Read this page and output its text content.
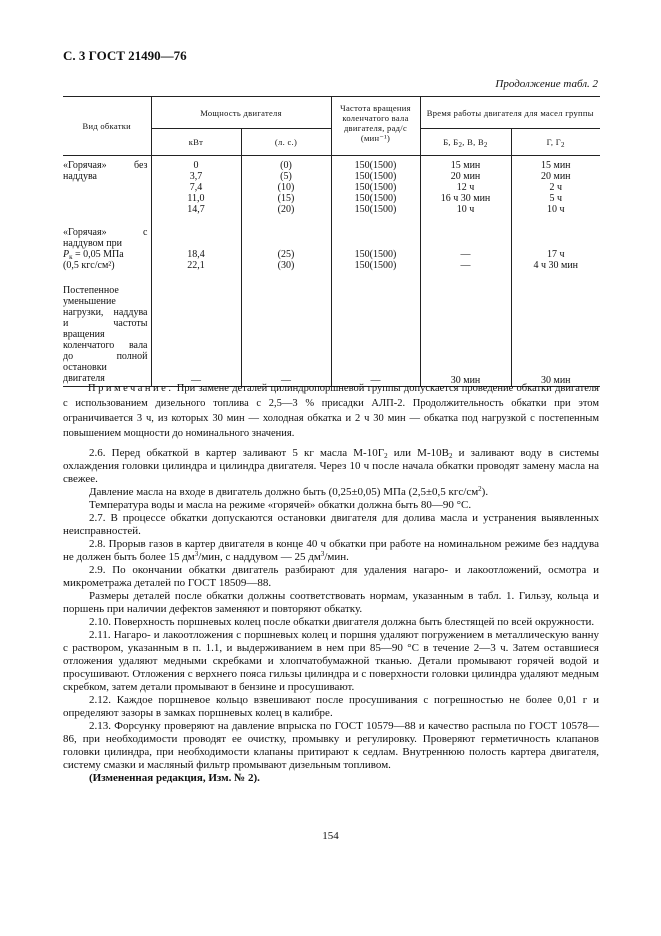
С. 3 ГОСТ 21490—76
Продолжение табл. 2
Вид обкатки	Мощность двигателя		Частота вращения коленчатого вала двигателя, рад/с (мин⁻¹)	Время работы двигателя для масел группы	
	кВт	(л. с.)		Б, $Б_2$, В, $В_2$	Г, $Г_2$

«Горячая» без наддува	0	(0)	150(1500)	15 мин	15 мин
	3,7	(5)	150(1500)	20 мин	20 мин
	7,4	(10)	150(1500)	12 ч	2 ч
	11,0	(15)	150(1500)	16 ч 30 мин	5 ч
	14,7	(20)	150(1500)	10 ч	10 ч

«Горячая» с наддувом при					
$P_к = 0,05$ МПа	18,4	(25)	150(1500)	—	17 ч
(0,5 кгс/см²)	22,1	(30)	150(1500)	—	4 ч 30 мин

Постепенное уменьшение нагрузки, наддува и частоты вращения коленчатого вала до полной остановки двигателя	—	—	—	30 мин	30 мин
Примечание. При замене деталей цилиндропоршневой группы допускается проведение обкатки двигателя с использованием дизельного топлива с 2,5—3 % присадки АЛП-2. Продолжительность обкатки при этом ограничивается 3 ч, из которых 30 мин — холодная обкатка и 2 ч 30 мин — обкатка под нагрузкой с постепенным повышением мощности до номинального значения.

2.6. Перед обкаткой в картер заливают 5 кг масла $М-10Г_2$ или $М-10В_2$ и заливают воду в системы охлаждения головки цилиндра и цилиндра двигателя. Через 10 ч после начала обкатки проводят замену масла на свежее.

Давление масла на входе в двигатель должно быть (0,25±0,05) МПа (2,5±0,5 кгс/$см^2$).

Температура воды и масла на режиме «горячей» обкатки должна быть 80—90 °С.

2.7. В процессе обкатки допускаются остановки двигателя для долива масла и устранения выявленных неисправностей.

2.8. Прорыв газов в картер двигателя в конце 40 ч обкатки при работе на номинальном режиме без наддува не должен быть более 15 $дм^3$/мин, с наддувом — 25 $дм^3$/мин.

2.9. По окончании обкатки двигатель разбирают для удаления нагаро- и лакоотложений, осмотра и микрометража деталей по ГОСТ 18509—88.

Размеры деталей после обкатки должны соответствовать нормам, указанным в табл. 1. Гильзу, кольца и поршень при наличии дефектов заменяют и повторяют обкатку.

2.10. Поверхность поршневых колец после обкатки двигателя должна быть блестящей по всей окружности.

2.11. Нагаро- и лакоотложения с поршневых колец и поршня удаляют погружением в металлическую ванну с раствором, указанным в п. 1.1, и выдерживанием в нем при 85—90 °С в течение 2—3 ч. Затем оставшиеся отложения удаляют медными скребками и хлопчатобумажной тканью. Детали промывают горячей водой и просушивают. Отложения с верхнего пояса гильзы цилиндра и с поверхности головки цилиндра удаляют медным скребком, затем детали промывают в бензине и просушивают.

2.12. Каждое поршневое кольцо взвешивают после просушивания с погрешностью не более 0,01 г и определяют зазоры в замках поршневых колец в калибре.

2.13. Форсунку проверяют на давление впрыска по ГОСТ 10579—88 и качество распыла по ГОСТ 10578—86, при необходимости проводят ее очистку, промывку и регулировку. Проверяют герметичность клапанов головки цилиндра, при необходимости клапаны притирают к седлам. Внутреннюю полость картера двигателя, систему смазки и масляный фильтр промывают дизельным топливом.

(Измененная редакция, Изм. № 2).

154
